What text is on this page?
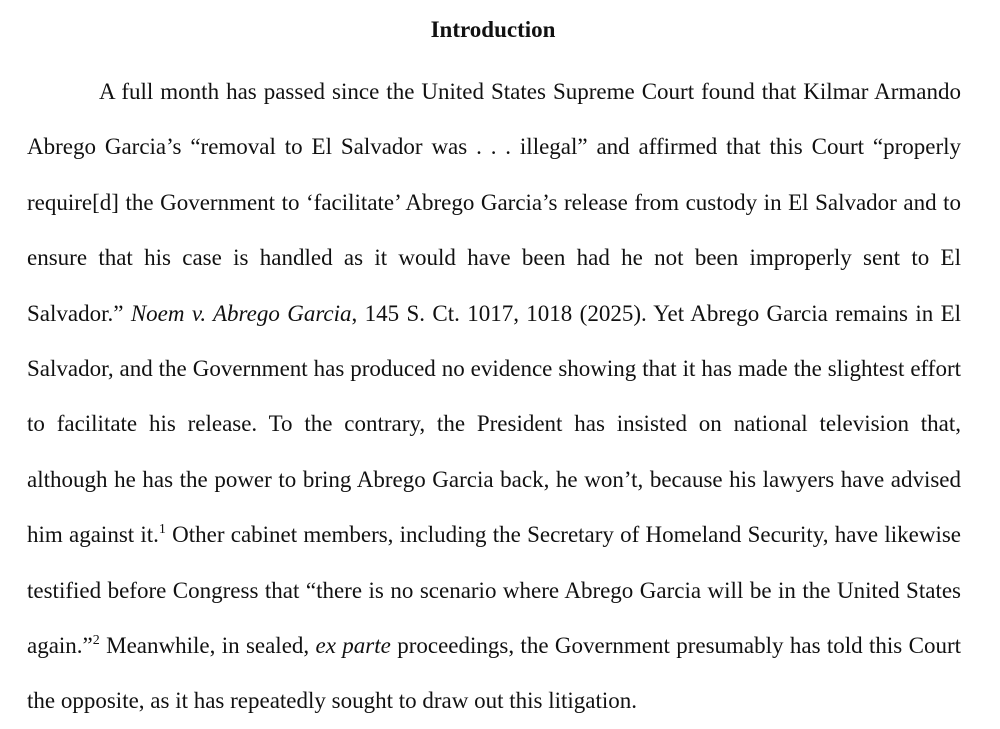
Introduction

A full month has passed since the United States Supreme Court found that Kilmar Armando Abrego Garcia’s “removal to El Salvador was . . . illegal” and affirmed that this Court “properly require[d] the Government to ‘facilitate’ Abrego Garcia’s release from custody in El Salvador and to ensure that his case is handled as it would have been had he not been improperly sent to El Salvador.” Noem v. Abrego Garcia, 145 S. Ct. 1017, 1018 (2025). Yet Abrego Garcia remains in El Salvador, and the Government has produced no evidence showing that it has made the slightest effort to facilitate his release. To the contrary, the President has insisted on national television that, although he has the power to bring Abrego Garcia back, he won’t, because his lawyers have advised him against it.$^1$ Other cabinet members, including the Secretary of Homeland Security, have likewise testified before Congress that “there is no scenario where Abrego Garcia will be in the United States again.”$^2$ Meanwhile, in sealed, ex parte proceedings, the Government presumably has told this Court the opposite, as it has repeatedly sought to draw out this litigation.
